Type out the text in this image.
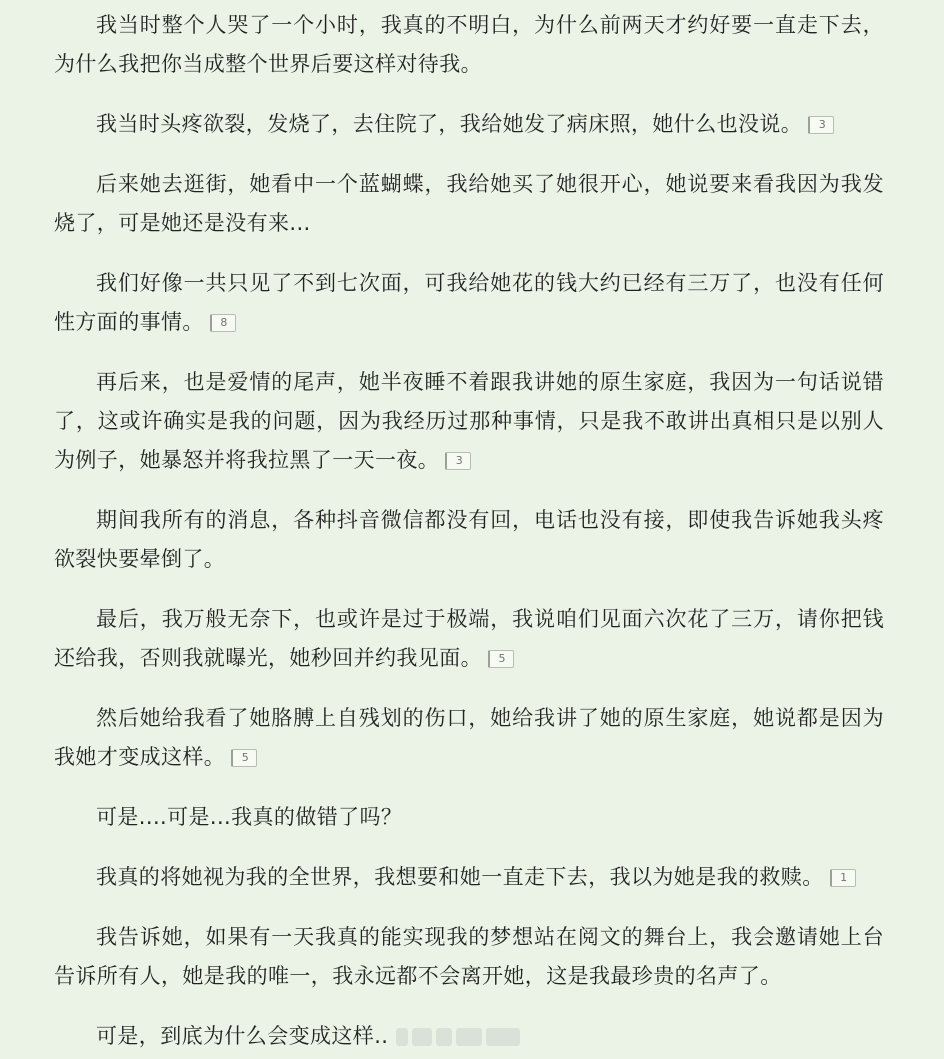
我当时整个人哭了一个小时，我真的不明白，为什么前两天才约好要一直走下去，为什么我把你当成整个世界后要这样对待我。

我当时头疼欲裂，发烧了，去住院了，我给她发了病床照，她什么也没说。 3

后来她去逛街，她看中一个蓝蝴蝶，我给她买了她很开心，她说要来看我因为我发烧了，可是她还是没有来...

我们好像一共只见了不到七次面，可我给她花的钱大约已经有三万了，也没有任何性方面的事情。 8

再后来，也是爱情的尾声，她半夜睡不着跟我讲她的原生家庭，我因为一句话说错了，这或许确实是我的问题，因为我经历过那种事情，只是我不敢讲出真相只是以别人为例子，她暴怒并将我拉黑了一天一夜。 3

期间我所有的消息，各种抖音微信都没有回，电话也没有接，即使我告诉她我头疼欲裂快要晕倒了。

最后，我万般无奈下，也或许是过于极端，我说咱们见面六次花了三万，请你把钱还给我，否则我就曝光，她秒回并约我见面。 5

然后她给我看了她胳膊上自残划的伤口，她给我讲了她的原生家庭，她说都是因为我她才变成这样。 5

可是....可是...我真的做错了吗？

我真的将她视为我的全世界，我想要和她一直走下去，我以为她是我的救赎。 1

我告诉她，如果有一天我真的能实现我的梦想站在阅文的舞台上，我会邀请她上台告诉所有人，她是我的唯一，我永远都不会离开她，这是我最珍贵的名声了。

可是，到底为什么会变成这样..
